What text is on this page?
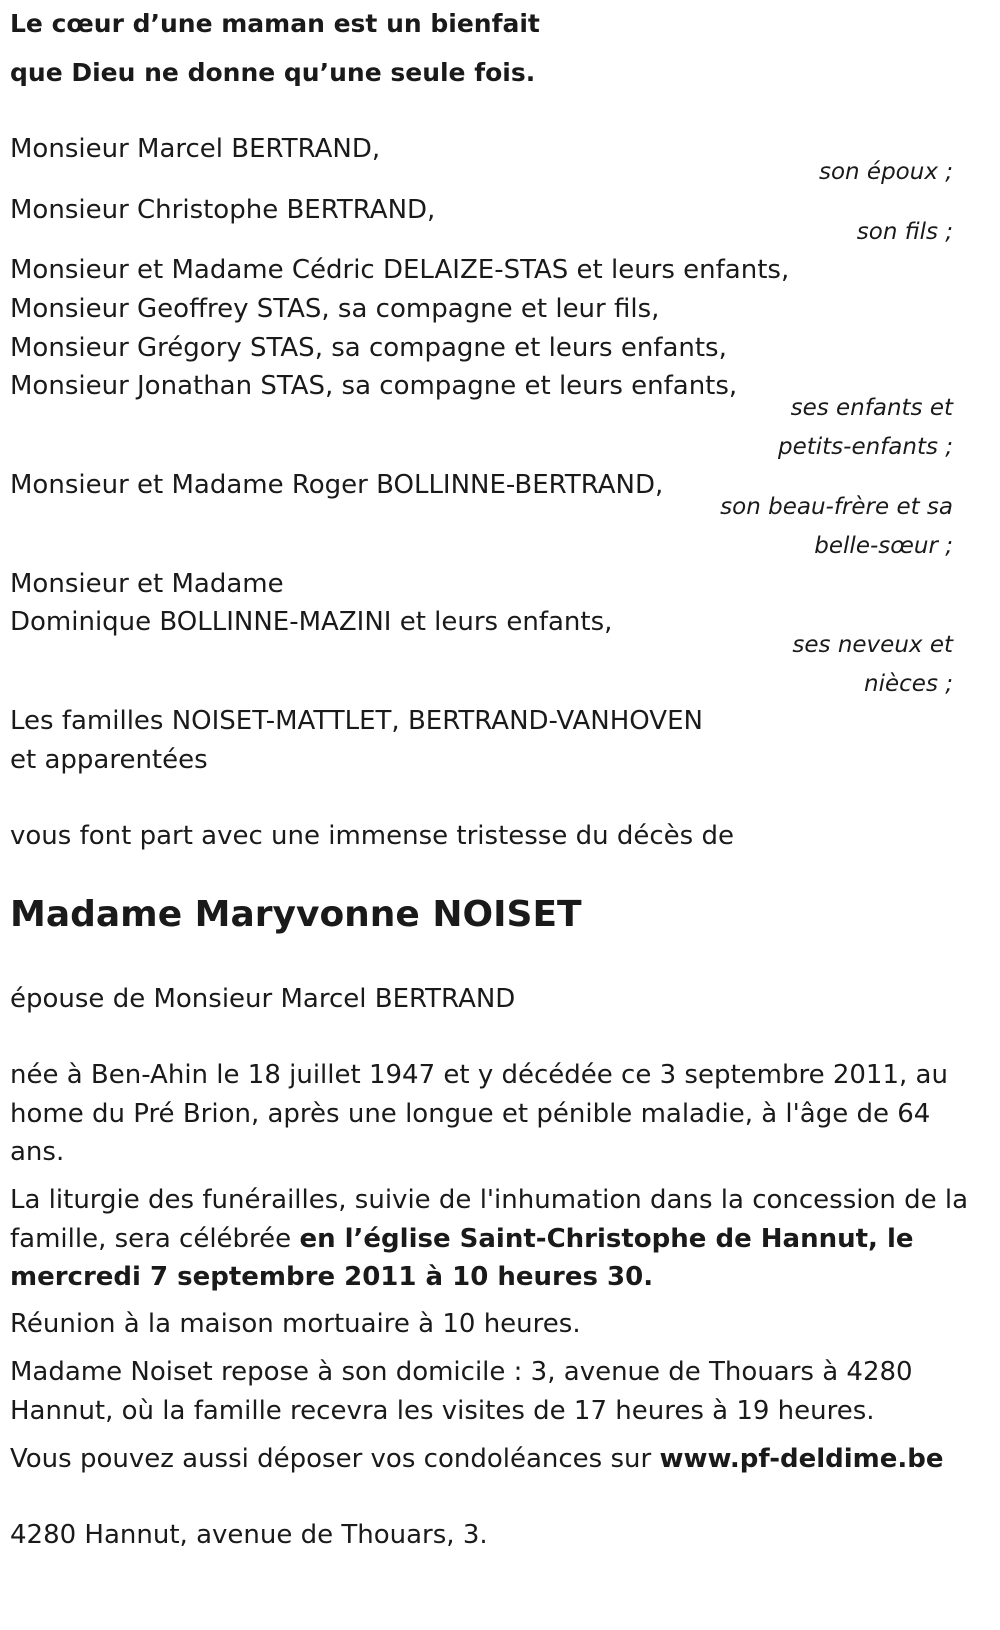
Le cœur d’une maman est un bienfait
que Dieu ne donne qu’une seule fois.
Monsieur Marcel BERTRAND,
son époux ;
Monsieur Christophe BERTRAND,
son fils ;
Monsieur et Madame Cédric DELAIZE-STAS et leurs enfants,
Monsieur Geoffrey STAS, sa compagne et leur fils,
Monsieur Grégory STAS, sa compagne et leurs enfants,
Monsieur Jonathan STAS, sa compagne et leurs enfants,
ses enfants et
petits-enfants ;
Monsieur et Madame Roger BOLLINNE-BERTRAND,
son beau-frère et sa
belle-sœur ;
Monsieur et Madame
Dominique BOLLINNE-MAZINI et leurs enfants,
ses neveux et
nièces ;
Les familles NOISET-MATTLET, BERTRAND-VANHOVEN
et apparentées
vous font part avec une immense tristesse du décès de
Madame Maryvonne NOISET
épouse de Monsieur Marcel BERTRAND
née à Ben-Ahin le 18 juillet 1947 et y décédée ce 3 septembre 2011, au
home du Pré Brion, après une longue et pénible maladie, à l'âge de 64
ans.
La liturgie des funérailles, suivie de l'inhumation dans la concession de la
famille, sera célébrée en l’église Saint-Christophe de Hannut, le
mercredi 7 septembre 2011 à 10 heures 30.
Réunion à la maison mortuaire à 10 heures.
Madame Noiset repose à son domicile : 3, avenue de Thouars à 4280
Hannut, où la famille recevra les visites de 17 heures à 19 heures.
Vous pouvez aussi déposer vos condoléances sur www.pf-deldime.be
4280 Hannut, avenue de Thouars, 3.
